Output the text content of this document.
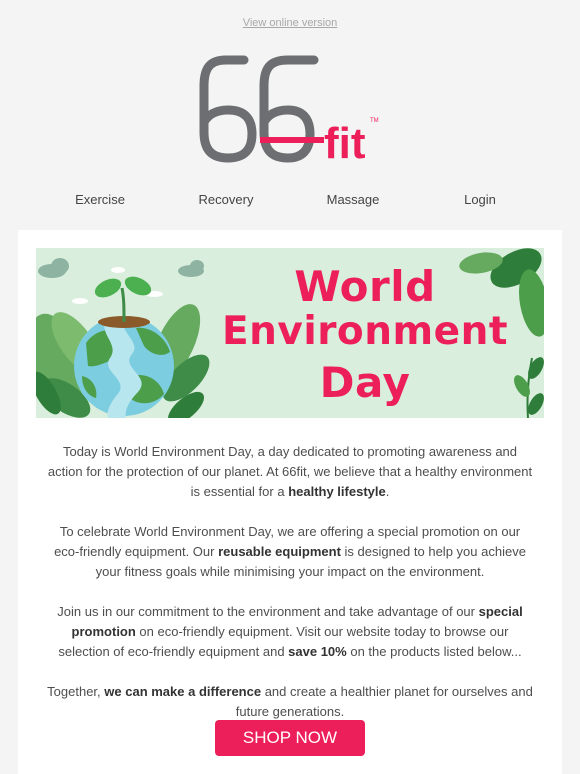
View online version
fit TM
Exercise	Recovery	Massage	Login
World
Environment
Day

Today is World Environment Day, a day dedicated to promoting awareness and action for the protection of our planet. At 66fit, we believe that a healthy environment is essential for a healthy lifestyle.

To celebrate World Environment Day, we are offering a special promotion on our eco-friendly equipment. Our reusable equipment is designed to help you achieve your fitness goals while minimising your impact on the environment.

Join us in our commitment to the environment and take advantage of our special promotion on eco-friendly equipment. Visit our website today to browse our selection of eco-friendly equipment and save 10% on the products listed below...

Together, we can make a difference and create a healthier planet for ourselves and future generations.

SHOP NOW
